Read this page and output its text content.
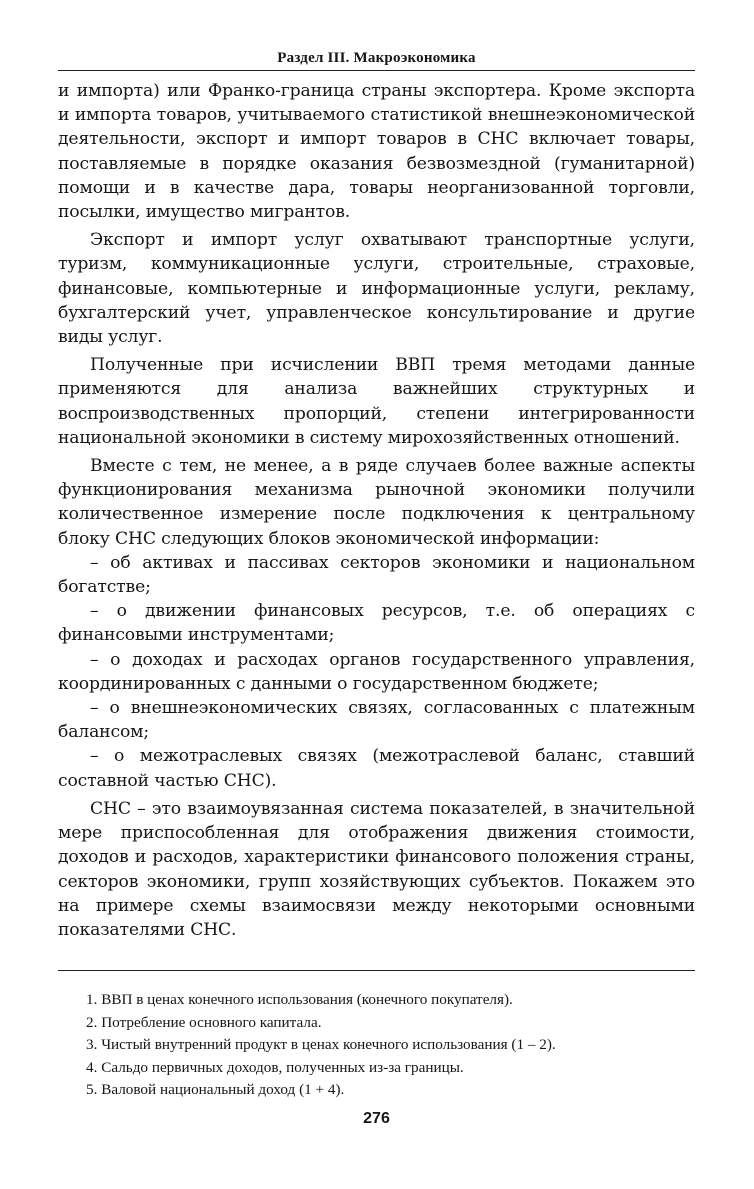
Раздел III. Макроэкономика

и импорта) или Франко-граница страны экспортера. Кроме экспорта и импорта товаров, учитываемого статистикой внешнеэкономической деятельности, экспорт и импорт товаров в СНС включает товары, поставляемые в порядке оказания безвозмездной (гуманитарной) помощи и в качестве дара, товары неорганизованной торговли, посылки, имущество мигрантов.

Экспорт и импорт услуг охватывают транспортные услуги, туризм, коммуникационные услуги, строительные, страховые, финансовые, компьютерные и информационные услуги, рекламу, бухгалтерский учет, управленческое консультирование и другие виды услуг.

Полученные при исчислении ВВП тремя методами данные применяются для анализа важнейших структурных и воспроизводственных пропорций, степени интегрированности национальной экономики в систему мирохозяйственных отношений.

Вместе с тем, не менее, а в ряде случаев более важные аспекты функционирования механизма рыночной экономики получили количественное измерение после подключения к центральному блоку СНС следующих блоков экономической информации:

– об активах и пассивах секторов экономики и национальном богатстве;

– о движении финансовых ресурсов, т.е. об операциях с финансовыми инструментами;

– о доходах и расходах органов государственного управления, координированных с данными о государственном бюджете;

– о внешнеэкономических связях, согласованных с платежным балансом;

– о межотраслевых связях (межотраслевой баланс, ставший составной частью СНС).

СНС – это взаимоувязанная система показателей, в значительной мере приспособленная для отображения движения стоимости, доходов и расходов, характеристики финансового положения страны, секторов экономики, групп хозяйствующих субъектов. Покажем это на примере схемы взаимосвязи между некоторыми основными показателями СНС.

1. ВВП в ценах конечного использования (конечного покупателя).
2. Потребление основного капитала.
3. Чистый внутренний продукт в ценах конечного использования (1 – 2).
4. Сальдо первичных доходов, полученных из-за границы.
5. Валовой национальный доход (1 + 4).
276
